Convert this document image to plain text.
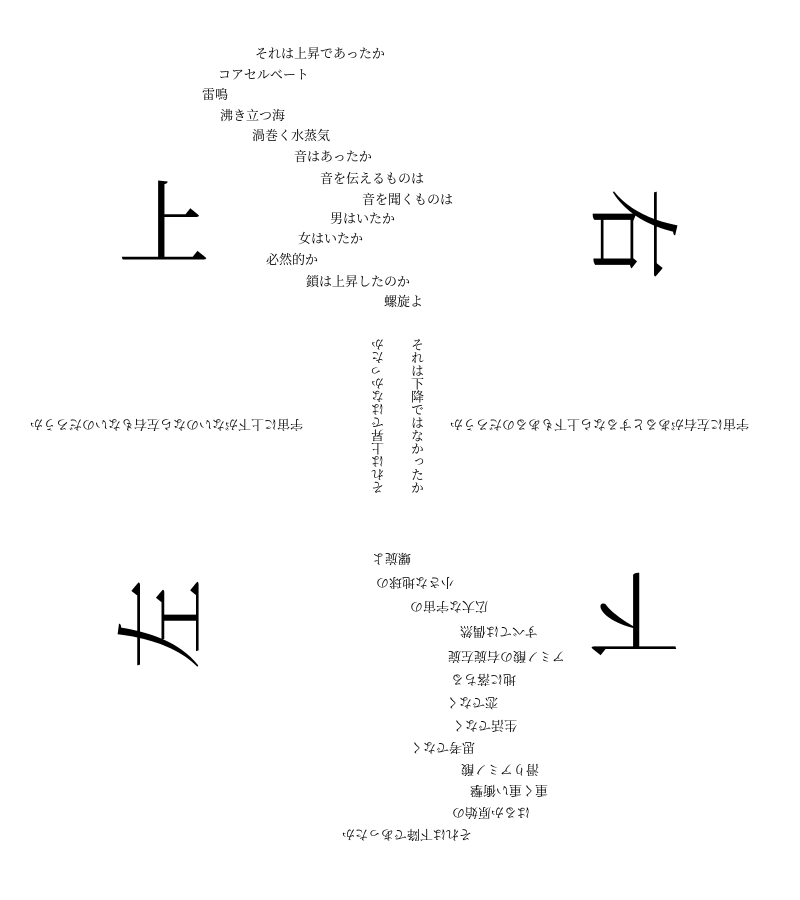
上	右
左	下
それは上昇であったか
コアセルベート
雷鳴
沸き立つ海
渦巻く水蒸気
音はあったか
音を伝えるものは
音を聞くものは
男はいたか
女はいたか
必然的か
鎖は上昇したのか
螺旋よ
それは下降ではなかったか
それは上昇ではなかったか	宇宙に左右があるとするなら上下もあるのだろうか
宇宙に上下がないのなら左右もないのだろうか
それは下降であったか
はるか原始の
重く重い衝撃
滑りアミノ酸
思考でなく
生活でなく
恋でなく
地に落ちる
アミノ酸の右旋左旋
すべては偶然
広大な宇宙の
小さな地球の
螺旋よ
